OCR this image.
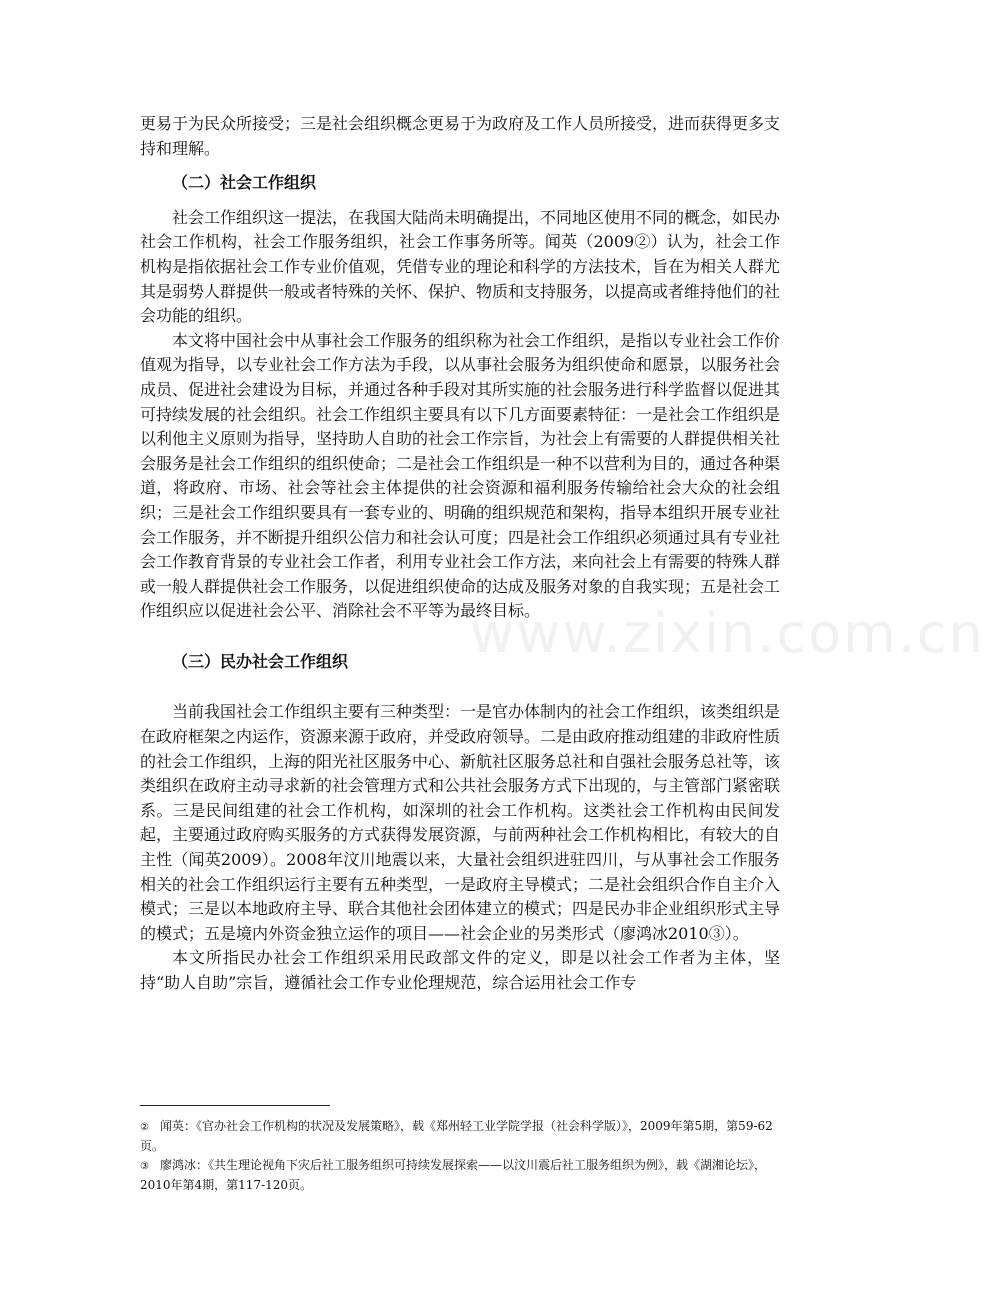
www.zixin.com.cn

更易于为民众所接受；三是社会组织概念更易于为政府及工作人员所接受，进而获得更多支持和理解。

（二）社会工作组织

社会工作组织这一提法，在我国大陆尚未明确提出，不同地区使用不同的概念，如民办社会工作机构，社会工作服务组织，社会工作事务所等。闻英（2009②）认为，社会工作机构是指依据社会工作专业价值观，凭借专业的理论和科学的方法技术，旨在为相关人群尤其是弱势人群提供一般或者特殊的关怀、保护、物质和支持服务，以提高或者维持他们的社会功能的组织。

本文将中国社会中从事社会工作服务的组织称为社会工作组织，是指以专业社会工作价值观为指导，以专业社会工作方法为手段，以从事社会服务为组织使命和愿景，以服务社会成员、促进社会建设为目标，并通过各种手段对其所实施的社会服务进行科学监督以促进其可持续发展的社会组织。社会工作组织主要具有以下几方面要素特征：一是社会工作组织是以利他主义原则为指导，坚持助人自助的社会工作宗旨，为社会上有需要的人群提供相关社会服务是社会工作组织的组织使命；二是社会工作组织是一种不以营利为目的，通过各种渠道，将政府、市场、社会等社会主体提供的社会资源和福利服务传输给社会大众的社会组织；三是社会工作组织要具有一套专业的、明确的组织规范和架构，指导本组织开展专业社会工作服务，并不断提升组织公信力和社会认可度；四是社会工作组织必须通过具有专业社会工作教育背景的专业社会工作者，利用专业社会工作方法，来向社会上有需要的特殊人群或一般人群提供社会工作服务，以促进组织使命的达成及服务对象的自我实现；五是社会工作组织应以促进社会公平、消除社会不平等为最终目标。

（三）民办社会工作组织

当前我国社会工作组织主要有三种类型：一是官办体制内的社会工作组织，该类组织是在政府框架之内运作，资源来源于政府，并受政府领导。二是由政府推动组建的非政府性质的社会工作组织，上海的阳光社区服务中心、新航社区服务总社和自强社会服务总社等，该类组织在政府主动寻求新的社会管理方式和公共社会服务方式下出现的，与主管部门紧密联系。三是民间组建的社会工作机构，如深圳的社会工作机构。这类社会工作机构由民间发起，主要通过政府购买服务的方式获得发展资源，与前两种社会工作机构相比，有较大的自主性（闻英2009）。2008年汶川地震以来，大量社会组织进驻四川，与从事社会工作服务相关的社会工作组织运行主要有五种类型，一是政府主导模式；二是社会组织合作自主介入模式；三是以本地政府主导、联合其他社会团体建立的模式；四是民办非企业组织形式主导的模式；五是境内外资金独立运作的项目——社会企业的另类形式（廖鸿冰2010③）。

本文所指民办社会工作组织采用民政部文件的定义，即是以社会工作者为主体，坚持“助人自助”宗旨，遵循社会工作专业伦理规范，综合运用社会工作专

② 闻英：《官办社会工作机构的状况及发展策略》，载《郑州轻工业学院学报（社会科学版）》，2009年第5期，第59-62页。

③ 廖鸿冰：《共生理论视角下灾后社工服务组织可持续发展探索——以汶川震后社工服务组织为例》，载《湖湘论坛》，2010年第4期，第117-120页。
